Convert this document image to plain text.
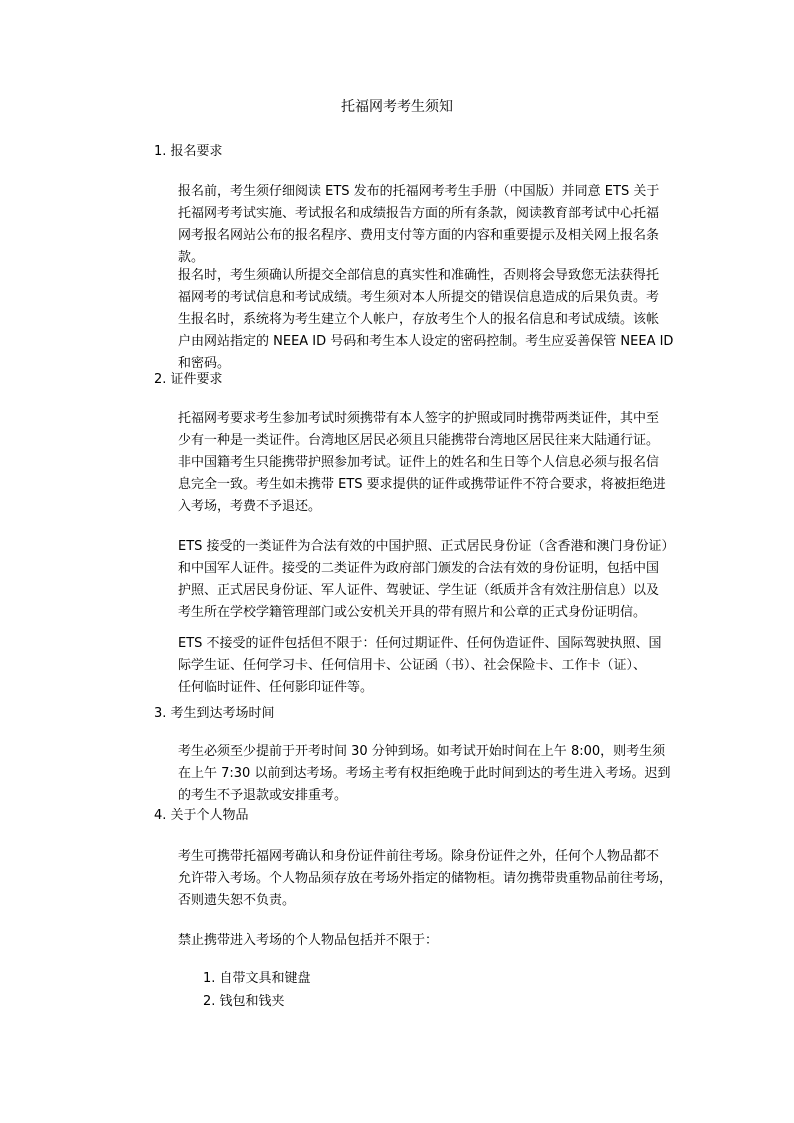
托福网考考生须知
1. 报名要求
报名前，考生须仔细阅读 ETS 发布的托福网考考生手册（中国版）并同意 ETS 关于
托福网考考试实施、考试报名和成绩报告方面的所有条款，阅读教育部考试中心托福
网考报名网站公布的报名程序、费用支付等方面的内容和重要提示及相关网上报名条
款。
报名时，考生须确认所提交全部信息的真实性和准确性，否则将会导致您无法获得托
福网考的考试信息和考试成绩。考生须对本人所提交的错误信息造成的后果负责。考
生报名时，系统将为考生建立个人帐户，存放考生个人的报名信息和考试成绩。该帐
户由网站指定的 NEEA ID 号码和考生本人设定的密码控制。考生应妥善保管 NEEA ID
和密码。
2. 证件要求
托福网考要求考生参加考试时须携带有本人签字的护照或同时携带两类证件，其中至
少有一种是一类证件。台湾地区居民必须且只能携带台湾地区居民往来大陆通行证。
非中国籍考生只能携带护照参加考试。证件上的姓名和生日等个人信息必须与报名信
息完全一致。考生如未携带 ETS 要求提供的证件或携带证件不符合要求，将被拒绝进
入考场，考费不予退还。
ETS 接受的一类证件为合法有效的中国护照、正式居民身份证（含香港和澳门身份证）
和中国军人证件。接受的二类证件为政府部门颁发的合法有效的身份证明，包括中国
护照、正式居民身份证、军人证件、驾驶证、学生证（纸质并含有效注册信息）以及
考生所在学校学籍管理部门或公安机关开具的带有照片和公章的正式身份证明信。
ETS 不接受的证件包括但不限于：任何过期证件、任何伪造证件、国际驾驶执照、国
际学生证、任何学习卡、任何信用卡、公证函（书）、社会保险卡、工作卡（证）、
任何临时证件、任何影印证件等。
3. 考生到达考场时间
考生必须至少提前于开考时间 30 分钟到场。如考试开始时间在上午 8:00，则考生须
在上午 7:30 以前到达考场。考场主考有权拒绝晚于此时间到达的考生进入考场。迟到
的考生不予退款或安排重考。
4. 关于个人物品
考生可携带托福网考确认和身份证件前往考场。除身份证件之外，任何个人物品都不
允许带入考场。个人物品须存放在考场外指定的储物柜。请勿携带贵重物品前往考场，
否则遗失恕不负责。
禁止携带进入考场的个人物品包括并不限于：
1. 自带文具和键盘
2. 钱包和钱夹
